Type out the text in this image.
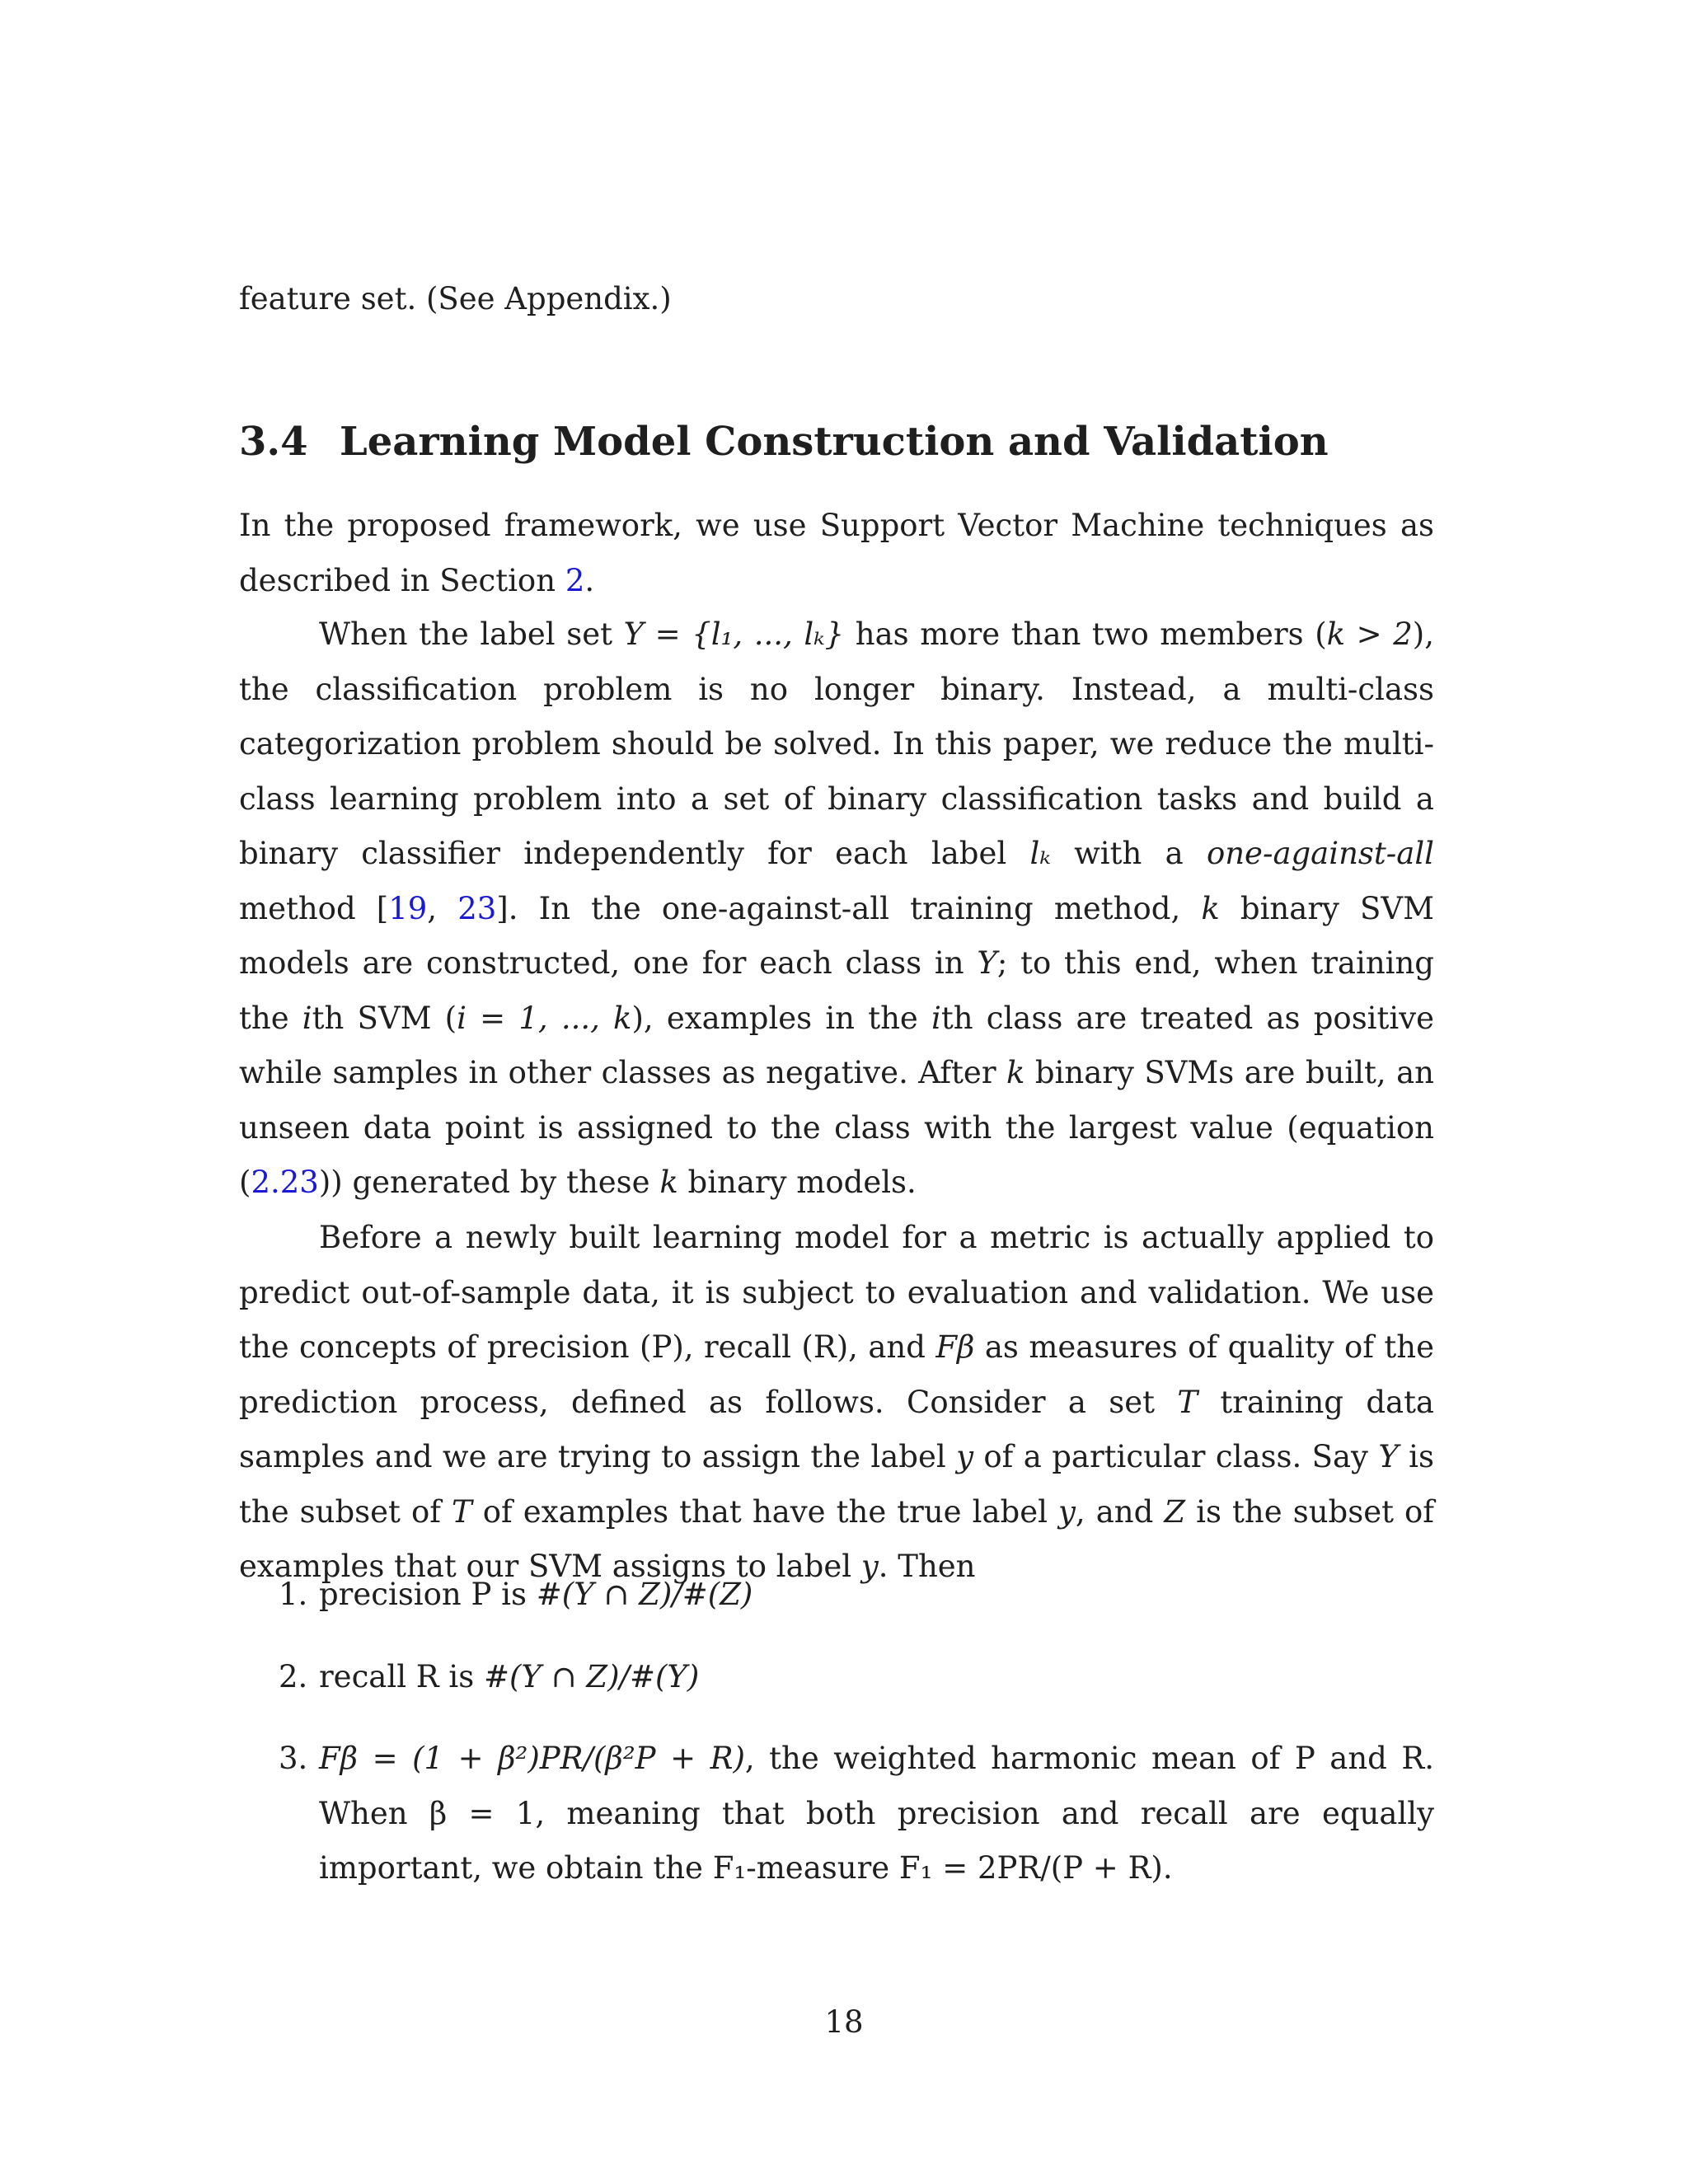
feature set. (See Appendix.)

3.4 Learning Model Construction and Validation

In the proposed framework, we use Support Vector Machine techniques as described in Section 2.

When the label set Y = {l₁, ..., lₖ} has more than two members (k > 2), the classification problem is no longer binary. Instead, a multi-class categorization problem should be solved. In this paper, we reduce the multi-class learning problem into a set of binary classification tasks and build a binary classifier independently for each label lₖ with a one-against-all method [19, 23]. In the one-against-all training method, k binary SVM models are constructed, one for each class in Y; to this end, when training the ith SVM (i = 1, ..., k), examples in the ith class are treated as positive while samples in other classes as negative. After k binary SVMs are built, an unseen data point is assigned to the class with the largest value (equation (2.23)) generated by these k binary models.

Before a newly built learning model for a metric is actually applied to predict out-of-sample data, it is subject to evaluation and validation. We use the concepts of precision (P), recall (R), and Fβ as measures of quality of the prediction process, defined as follows. Consider a set T training data samples and we are trying to assign the label y of a particular class. Say Y is the subset of T of examples that have the true label y, and Z is the subset of examples that our SVM assigns to label y. Then

1. precision P is #(Y ∩ Z)/#(Z)
2. recall R is #(Y ∩ Z)/#(Y)
3. Fβ = (1 + β²)PR/(β²P + R), the weighted harmonic mean of P and R. When β = 1, meaning that both precision and recall are equally important, we obtain the F₁-measure F₁ = 2PR/(P + R).
18
